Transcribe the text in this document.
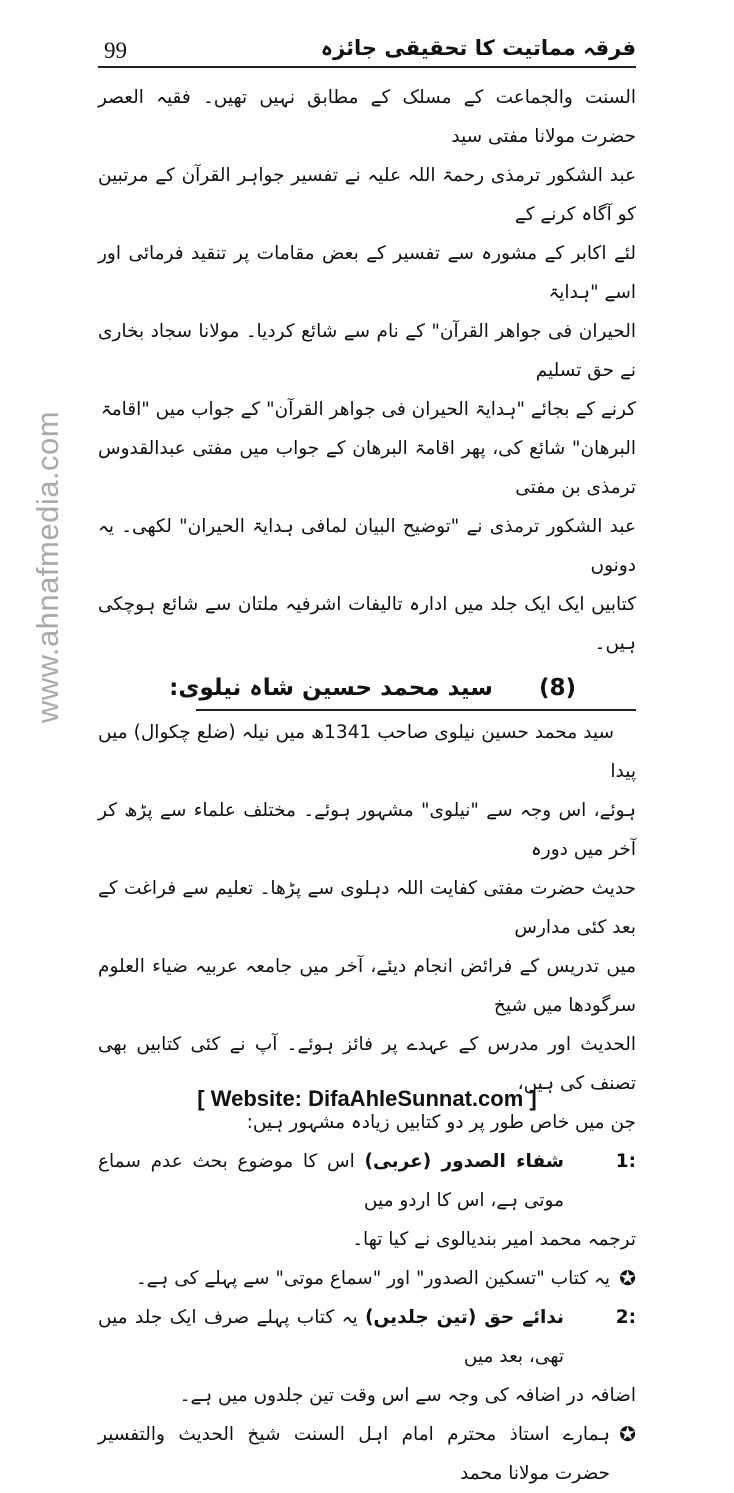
www.ahnafmedia.com
99	فرقہ مماتیت کا تحقیقی جائزہ

السنت والجماعت کے مسلک کے مطابق نہیں تھیں۔ فقیہ العصر حضرت مولانا مفتی سید
عبد الشکور ترمذی رحمۃ اللہ علیہ نے تفسیر جواہر القرآن کے مرتبین کو آگاہ کرنے کے
لئے اکابر کے مشورہ سے تفسیر کے بعض مقامات پر تنقید فرمائی اور اسے "ہدایۃ
الحیران فی جواھر القرآن" کے نام سے شائع کردیا۔ مولانا سجاد بخاری نے حق تسلیم
کرنے کے بجائے "ہدایۃ الحیران فی جواھر القرآن" کے جواب میں "اقامۃ
البرھان" شائع کی، پھر اقامۃ البرھان کے جواب میں مفتی عبدالقدوس ترمذی بن مفتی
عبد الشکور ترمذی نے "توضیح البیان لمافی ہدایۃ الحیران" لکھی۔ یہ دونوں
کتابیں ایک ایک جلد میں ادارہ تالیفات اشرفیہ ملتان سے شائع ہوچکی ہیں۔

(8) سید محمد حسین شاہ نیلوی:

سید محمد حسین نیلوی صاحب 1341ھ میں نیلہ (ضلع چکوال) میں پیدا
ہوئے، اس وجہ سے "نیلوی" مشہور ہوئے۔ مختلف علماء سے پڑھ کر آخر میں دورہ
حدیث حضرت مفتی کفایت اللہ دہلوی سے پڑھا۔ تعلیم سے فراغت کے بعد کئی مدارس
میں تدریس کے فرائض انجام دیئے، آخر میں جامعہ عربیہ ضیاء العلوم سرگودھا میں شیخ
الحدیث اور مدرس کے عہدے پر فائز ہوئے۔ آپ نے کئی کتابیں بھی تصنف کی ہیں،
جن میں خاص طور پر دو کتابیں زیادہ مشہور ہیں:

1:
شفاء الصدور (عربی) اس کا موضوع بحث عدم سماع موتی ہے، اس کا اردو میں

ترجمہ محمد امیر بندیالوی نے کیا تھا۔

✪
یہ کتاب "تسکین الصدور" اور "سماع موتی" سے پہلے کی ہے۔
2:
ندائے حق (تین جلدیں) یہ کتاب پہلے صرف ایک جلد میں تھی، بعد میں

اضافہ در اضافہ کی وجہ سے اس وقت تین جلدوں میں ہے۔

✪
ہمارے استاذ محترم امام اہل السنت شیخ الحدیث والتفسیر حضرت مولانا محمد
[ Website: DifaAhleSunnat.com ]
